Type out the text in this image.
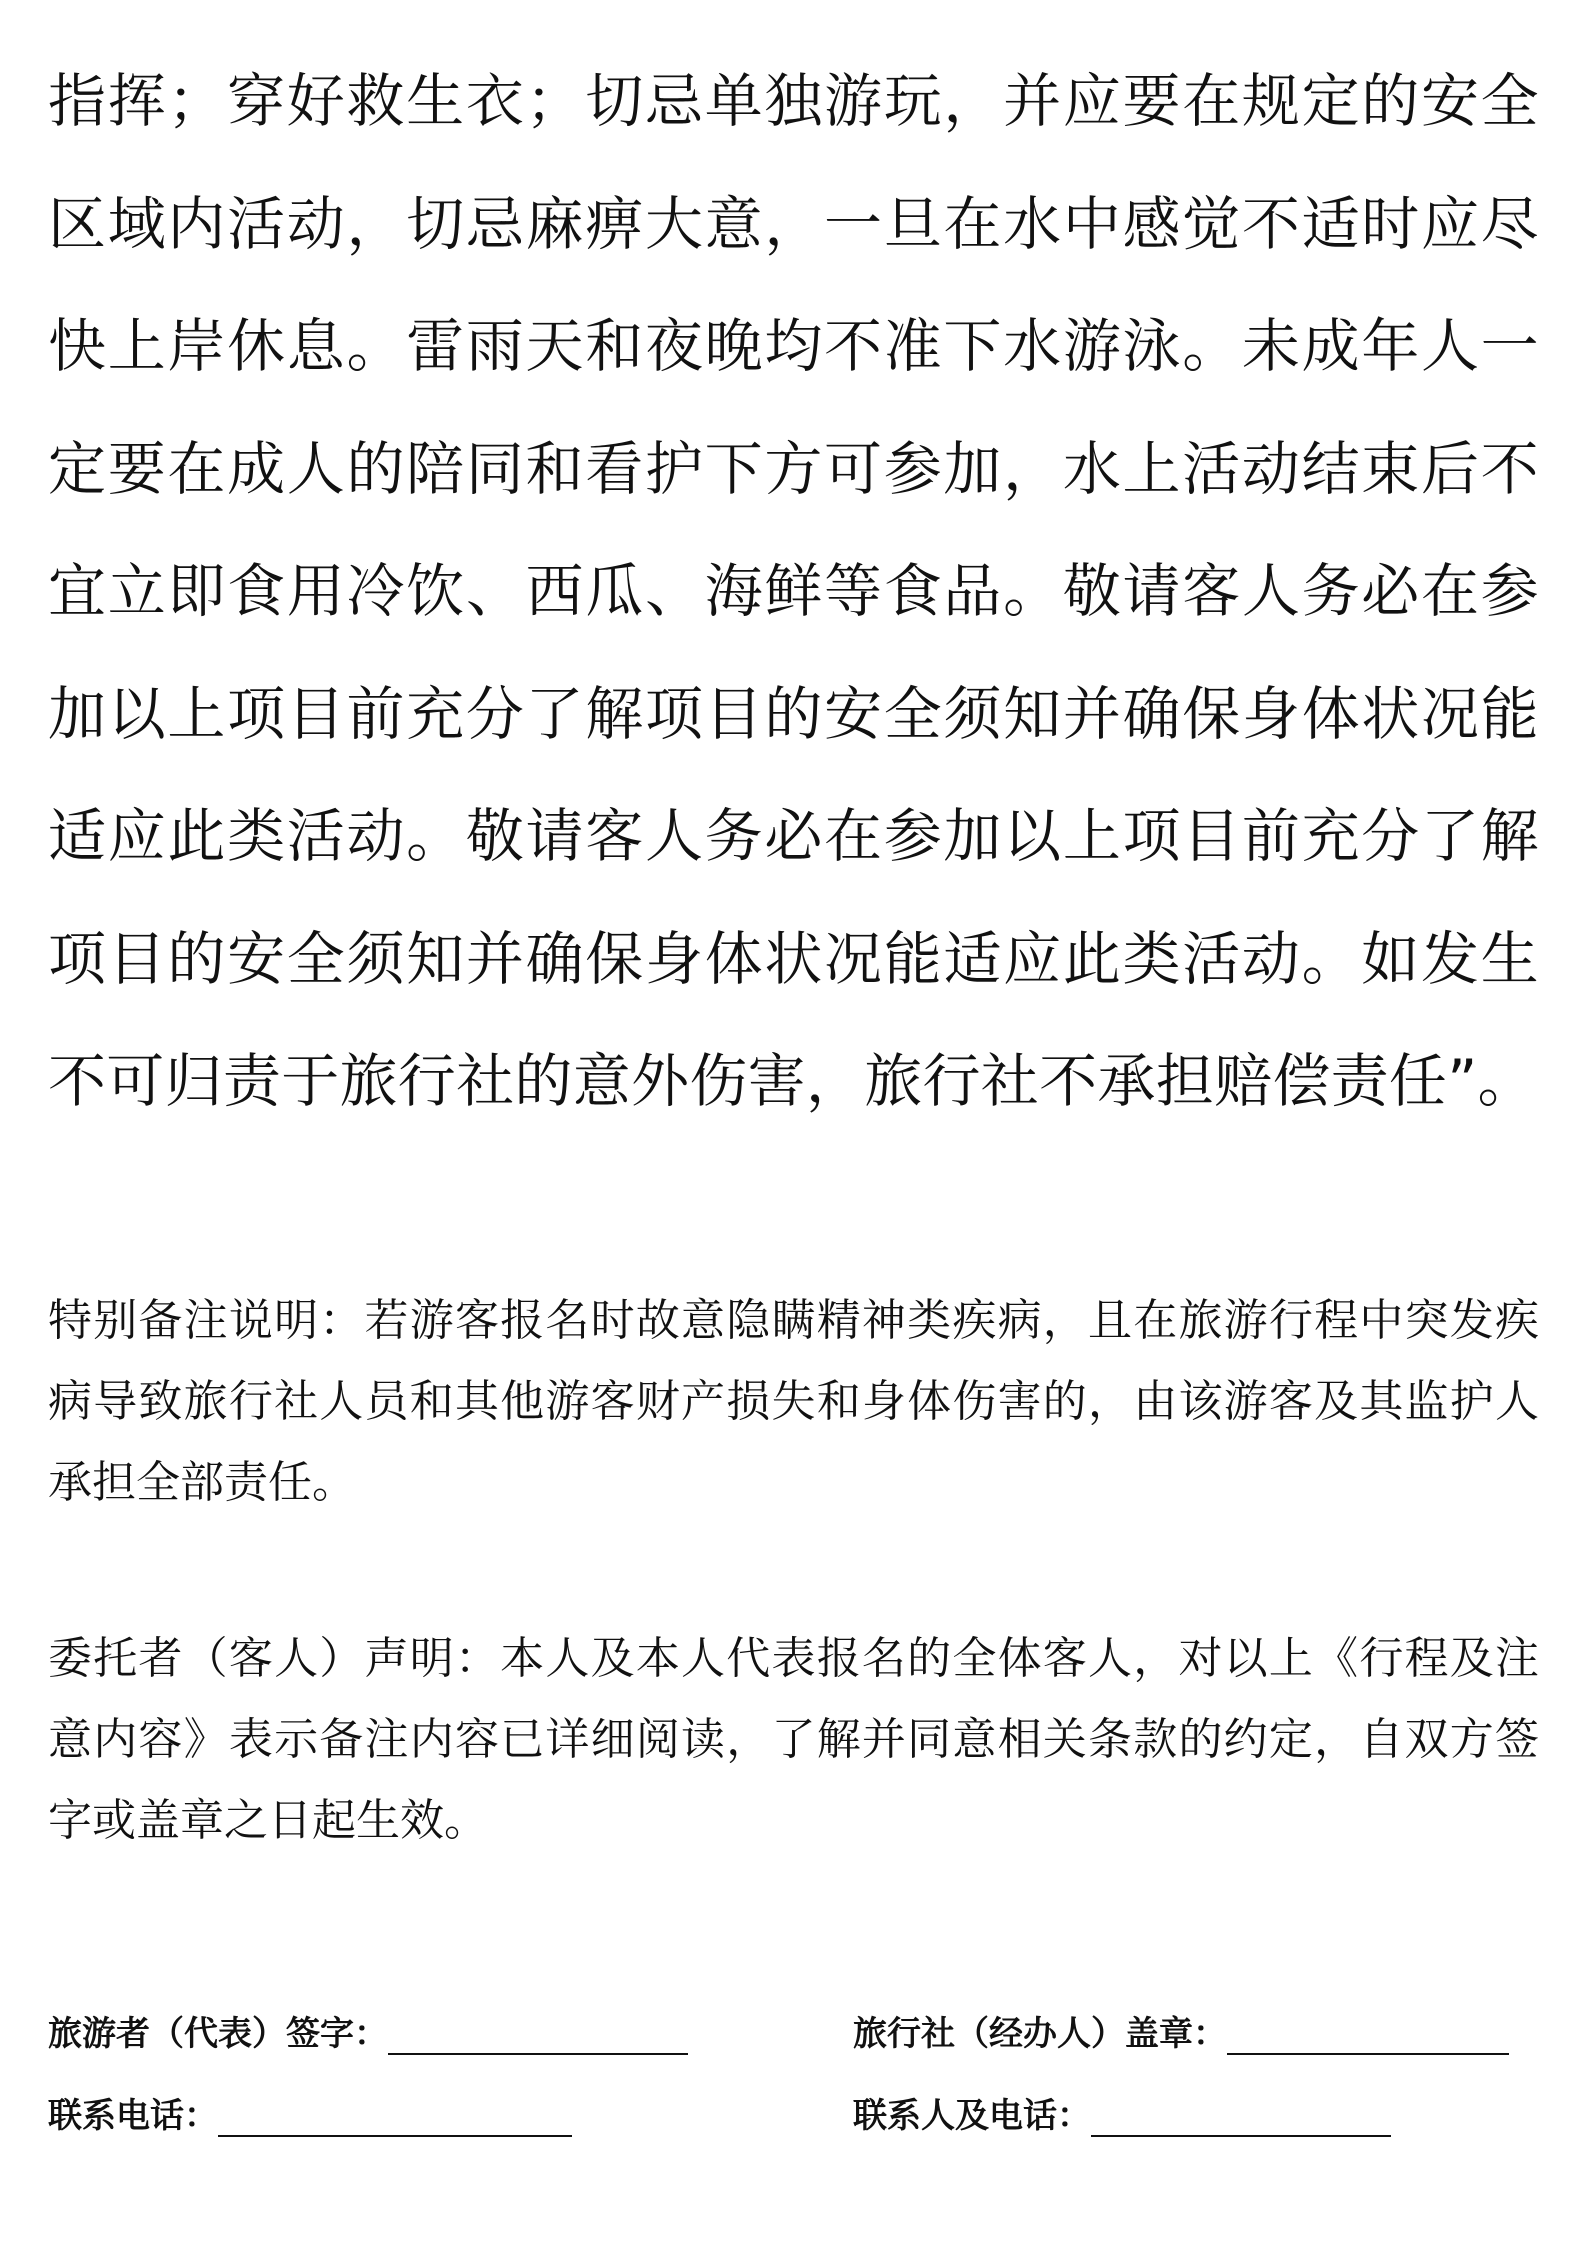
指挥；穿好救生衣；切忌单独游玩，并应要在规定的安全区域内活动，切忌麻痹大意，一旦在水中感觉不适时应尽快上岸休息。雷雨天和夜晚均不准下水游泳。未成年人一定要在成人的陪同和看护下方可参加，水上活动结束后不宜立即食用冷饮、西瓜、海鲜等食品。敬请客人务必在参加以上项目前充分了解项目的安全须知并确保身体状况能适应此类活动。敬请客人务必在参加以上项目前充分了解项目的安全须知并确保身体状况能适应此类活动。如发生不可归责于旅行社的意外伤害，旅行社不承担赔偿责任”。

特别备注说明：若游客报名时故意隐瞒精神类疾病，且在旅游行程中突发疾病导致旅行社人员和其他游客财产损失和身体伤害的，由该游客及其监护人承担全部责任。

委托者（客人）声明：本人及本人代表报名的全体客人，对以上《行程及注意内容》表示备注内容已详细阅读，了解并同意相关条款的约定，自双方签字或盖章之日起生效。

旅游者（代表）签字：	旅行社（经办人）盖章：
联系电话：	联系人及电话：
